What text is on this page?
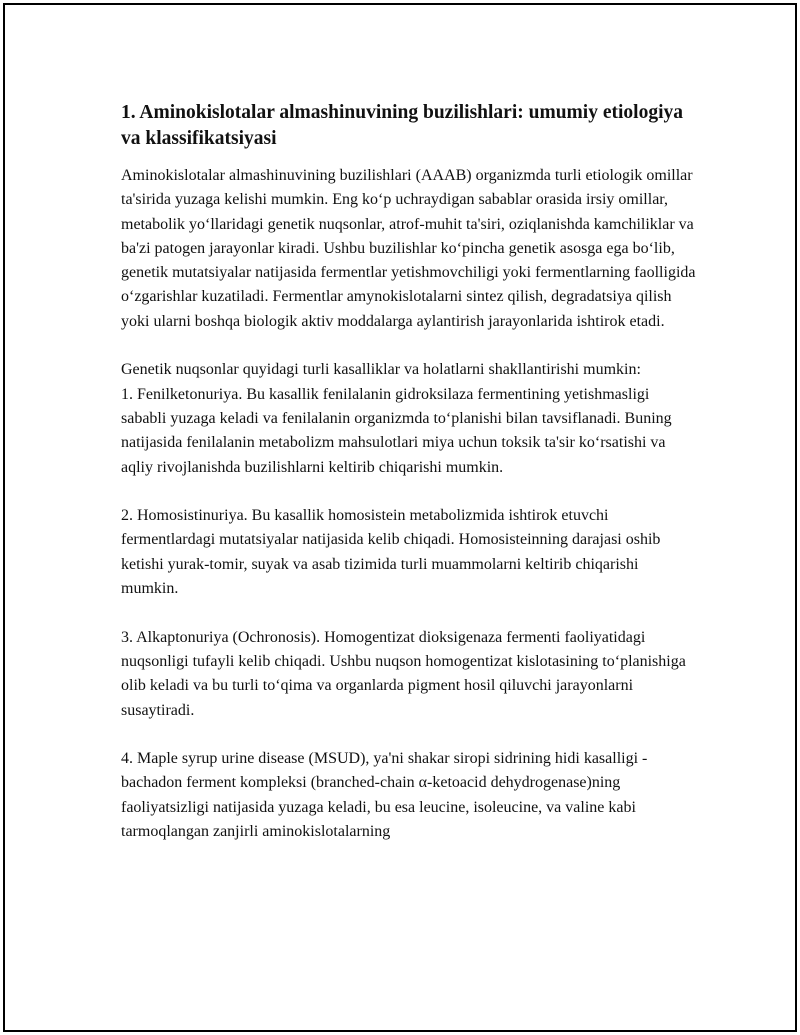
1. Aminokislotalar almashinuvining buzilishlari: umumiy etiologiya va klassifikatsiyasi

Aminokislotalar almashinuvining buzilishlari (AAAB) organizmda turli etiologik omillar ta'sirida yuzaga kelishi mumkin. Eng ko‘p uchraydigan sabablar orasida irsiy omillar, metabolik yo‘llaridagi genetik nuqsonlar, atrof-muhit ta'siri, oziqlanishda kamchiliklar va ba'zi patogen jarayonlar kiradi. Ushbu buzilishlar ko‘pincha genetik asosga ega bo‘lib, genetik mutatsiyalar natijasida fermentlar yetishmovchiligi yoki fermentlarning faolligida o‘zgarishlar kuzatiladi. Fermentlar amynokislotalarni sintez qilish, degradatsiya qilish yoki ularni boshqa biologik aktiv moddalarga aylantirish jarayonlarida ishtirok etadi.

Genetik nuqsonlar quyidagi turli kasalliklar va holatlarni shakllantirishi mumkin:

1. Fenilketonuriya. Bu kasallik fenilalanin gidroksilaza fermentining yetishmasligi sababli yuzaga keladi va fenilalanin organizmda to‘planishi bilan tavsiflanadi. Buning natijasida fenilalanin metabolizm mahsulotlari miya uchun toksik ta'sir ko‘rsatishi va aqliy rivojlanishda buzilishlarni keltirib chiqarishi mumkin.

2. Homosistinuriya. Bu kasallik homosistein metabolizmida ishtirok etuvchi fermentlardagi mutatsiyalar natijasida kelib chiqadi. Homosisteinning darajasi oshib ketishi yurak-tomir, suyak va asab tizimida turli muammolarni keltirib chiqarishi mumkin.

3. Alkaptonuriya (Ochronosis). Homogentizat dioksigenaza fermenti faoliyatidagi nuqsonligi tufayli kelib chiqadi. Ushbu nuqson homogentizat kislotasining to‘planishiga olib keladi va bu turli to‘qima va organlarda pigment hosil qiluvchi jarayonlarni susaytiradi.

4. Maple syrup urine disease (MSUD), ya'ni shakar siropi sidrining hidi kasalligi - bachadon ferment kompleksi (branched-chain α-ketoacid dehydrogenase)ning faoliyatsizligi natijasida yuzaga keladi, bu esa leucine, isoleucine, va valine kabi tarmoqlangan zanjirli aminokislotalarning
